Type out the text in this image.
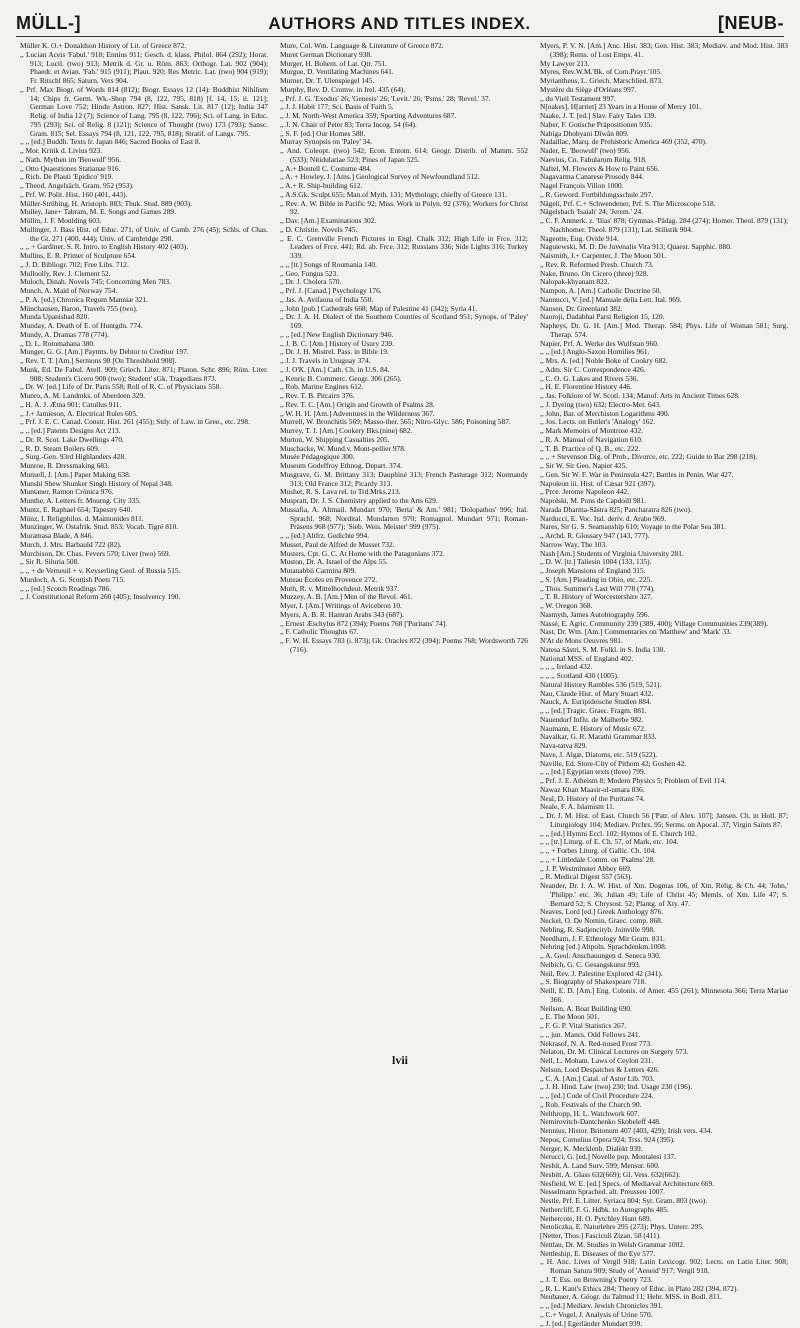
MÜLL-]	AUTHORS AND TITLES INDEX.	[NEUB-

Müller K. O.+ Donaldson History of Lit. of Greece 872.

,, Lucian Aceis 'Fabul.' 918; Ennius 911; Gesch. d. klass. Philol. 864 (292); Horat. 913; Lucil. (two) 913; Metrik d. Gr. u. Röm. 863; Orthogr. Lat. 902 (904); Phaedr. et Avian. 'Fab.' 915 (911); Plaut. 920; Res Metric. Lat. (two) 904 (919); Fr. Ritschl 865; Saturn. Vers 904.

,, Prf. Max Biogr. of Words 814 (812); Biogr. Essays 12 (14): Buddhist Nihilism 14; Chips fr. Germ. Wk.-Shop 794 (8, 122, 795, 818) [f. 14, 15; ii. 121]; German Love 752; Hindu Astron. 827; Hist. Sansk. Lit. 817 (12); India 347 Relig. of India 12 (7); Science of Lang. 795 (8, 122, 796); Sci. of Lang. in Educ. 795 (293); Sci. of Relig. 8 (121); Science of Thought (two) 173 (793); Sansc. Gram. 815; Sel. Essays 794 (8, 121, 122, 795, 818); Stratif. of Langs. 795.

,, ,, [ed.] Buddh. Texts fr. Japan 846; Sacred Books of East 8.

,, Mor. Kritik d. Livius 923.

,, Nath. Mythen im 'Beowulf' 956.

,, Otto Quaestiones Statianae 916.

,, Rich. De Plauti 'Epidico' 919.

,, Theod. Angelsäch. Gram. 952 (953).

,, Prf. W. Polit. Hist. 160 (401, 443).

Müller-Strübing, H. Aristoph. 883; Thuk. Stud. 889 (903).

Mulley, Jane+ Tabram, M. E. Songs and Games 289.

Müllin, J. F. Moulding 603.

Mullinger, J. Bass Hist. of Educ. 271, of Univ. of Camb. 276 (45); Schls. of Chas. the Gt. 271 (400, 444); Univ. of Cambridge 298.

,, ,, + Gardiner, S. R. Intro. to English History 402 (403).

Mullins, E. R. Primer of Sculpture 654.

,, J. D. Bibliogr. 702; Free Libs. 712.

Mulloolly, Rev. J. Clement 52.

Muloch, Dinah. Novels 745; Concerning Men 783.

Munch, A. Maid of Norway 754.

,, P. A. [ed.] Chronica Regum Manniæ 321.

Münchausen, Baron, Travels 755 (two).

Munda Upanishad 820.

Munday, A. Death of E. of Huntgdn. 774.

Mundy, A. Dramas 778 (774).

,, D. L. Rotomahana 380.

Munger, G. G. [Am.] Paymts. by Debtor to Creditor 197.

,, Rev. T. T. [Am.] Sermons 98 [On Threshhold 908].

Munk, Ed. De Fabul. Atell. 909; Griech. Liter. 871; Platon. Schr. 896; Röm. Liter. 908; Student's Cicero 908 (two); Student' sGk. Tragedians 873.

,, Dr. W. [ed.] Life of Dr. Paris 558; Roll of R. C. of Physicians 558.

Munro, A. M. Landmks. of Aberdeen 329.

,, H. A. J. Ætna 901; Catullus 911.

,, J.+ Jamieson, A. Electrical Rules 605.

,, Prf. J. E. C. Canad. Constr. Hist. 261 (455); Stdy. of Law. in Gree., etc. 298.

,, ,, [ed.] Patents Designs Act 213.

,, Dr. R. Scot. Lake Dwellings 470.

,, R. D. Steam Boilers 609.

,, Surg.-Gen. 93rd Highlanders 428.

Munroe, R. Dressmaking 683.

Munsell, J. [Am.] Paper Making 638.

Munshi Shew Shunker Singh History of Nepal 348.

Muntaner, Ramon Crónica 976.

Munthe, A. Letters fr. Mourng. City 335.

Muntz, E. Raphael 654; Tapestry 640.

Münz, I. Religphilos. d. Maimonides 811.

Munzinger, W. Ostafrik. Stud. 853; Vocab. Tigré 810.

Muramasa Blade, A 846.

Murch, J. Mrs. Barbauld 722 (82).

Murchison, Dr. Chas. Fevers 570; Liver (two) 569.

,, Sir R. Siluria 508.

,, ,, + de Verneuil + v. Keyserling Geol. of Russia 515.

Murdoch, A. G. Scottish Poets 715.

,, ,, [ed.] Scotch Readings 786.

,, J. Constitutional Reform 260 (405); Insolvency 190.

Mure, Col. Wm. Language & Literature of Greece 872.

Muret German Dictionary 938.

Murger, H. Bohem. of Lat. Qtr. 751.

Murgue, D. Ventilating Machines 641.

Murner, Dr. T. Ulenspiegel 145.

Murphy, Rev. D. Cromw. in Irel. 435 (64).

,, Prf. J. G. 'Exodus' 26; 'Genesis' 26; 'Levit.' 26; 'Psms.' 28; 'Revel.' 37.

,, J. J. Habit 177; Sci. Basis of Faith 5.

,, J. M. North-West America 359; Sporting Adventures 687.

,, J. N. Chair of Peter 83; Terra Incog. 54 (64).

,, S. F. [ed.] Our Homes 588.

Murray Synopsis on 'Paley' 34.

,, And. Coleopt. (two) 542; Econ. Entom. 614; Geogr. Distrib. of Mamm. 552 (533); Nitidulariae 523; Pines of Japan 525.

,, A.+ Boutell C. Costume 484.

,, A. + Howley, J. [Ams.] Geological Survey of Newfoundland 512.

,, A.+ R. Ship-building 612.

,, A.S.Gk. Sculpt.655; Man.of Myth. 131; Mythology, chiefly of Greece 131.

,, Rev. A. W. Bible in Pacific 92; Miss. Work in Polyn. 92 (376); Workers for Christ 92.

,, Dav. [Am.] Examinations 302.

,, D. Christie. Novels 745.

,, E. C. Grenville French Pictures in Engl. Chalk 312; High Life in Frce. 312; Leaders of Frce. 441; Rd. ab. Frce. 312; Russians 336; Side Lights 316; Turkey 339.

,, ,, [tr.] Songs of Roumania 140.

,, Geo. Fungus 523.

,, Dr. J. Cholera 570.

,, Prf. J. [Canad.] Psychology 176.

,, Jas. A. Avifauna of India 550.

,, John [pub.] Cathedrals 668; Map of Palestine 41 (342); Syria 41.

,, Dr. J. A. H. Dialect of the Southern Counties of Scotland 951; Synops. of 'Paley' 169.

,, ,, [ed.] New English Dictionary 946.

,, J. B. C. [Am.] History of Usury 239.

,, Dr. J. H. Mistrel. Pass. in Bible 19.

,, J. J. Travels in Uruguay 374.

,, J. O'K. [Am.] Cath. Ch. in U.S. 84.

,, Kenric B. Commerc. Geogr. 306 (265).

,, Rob. Marine Engines 612.

,, Rev. T. B. Pitcairn 376.

,, Rev. T. C. [Am.] Origin and Growth of Psalms 28.

,, W. H. H. [Am.] Adventures in the Wilderness 367.

Murrell, W. Bronchitis 569; Masso-ther. 565; Nitro-Glyc. 586; Poisoning 587.

Murrey, T. J. [Am.] Cookery Bks.(nine) 682.

Murton, W. Shipping Casualties 205.

Muschacke, W. Mund.v. Mont-pellier 978.

Musée Pédagogique 300.

Museum Godeffroy Ethnog. Depart. 374.

Musgrave, G. M. Brittany 313; Dauphiné 313; French Pasturage 312; Normandy 313; Old France 312; Picardy 313.

Mushet, R. S. Lava rel. to Trd.Mrks.213.

Muspratt, Dr. J. S. Chemistry applied to the Arts 629.

Mussafia, A. Altmail. Mundart 970; 'Berta' & Am.' 981; 'Dolopathos' 996; Ital. Sprachl. 968; Nordital. Mundarten 970; Romagnol. Mundart 971; Roman-Präsens 968 (977); 'Sieb. Weis. Meister' 999 (975).

,, ,, [ed.] Altfrz. Gedichte 994.

Musset, Paul de Alfred de Musset 732.

Musters, Cpt. G. C. At Home with the Patagonians 372.

Muston, Dr. A. Israel of the Alps 55.

Mutanabbii Carmina 809.

Muteau Écoles en Provence 272.

Muth, R. v. Mittelhochdeut. Metrik 937.

Muzzey, A. B. [Am.] Men of the Revol. 461.

Myer, I. [Am.] Writings of Avicebron 10.

Myers, A. B. R. Hamran Arabs 343 (687).

,, Ernest Æschylus 872 (394); Poems 768 ['Puritans' 74].

,, F. Catholic Thoughts 67.

,, F. W. H. Essays 783 (i. 873); Gk. Oracles 872 (394); Poems 768; Wordsworth 726 (716).

Myers, P. V. N. [Am.] Anc. Hist. 383; Gen. Hist. 383; Mediæv. and Mod. Hist. 383 (398); Rems. of Lost Emps. 41.

My Lawyer 213.

Myres, Rev.W.M.'Bk. of Com.Prayr.'105.

Myriantheus, L. Griech. Marschlied. 873.

Mystère du Siège d'Orléans 997.

,, du Vieil Testament 997.

N[oakes], H[arriet] 23 Years in a House of Mercy 101.

Naake, J. T. [ed.] Slav. Fairy Tales 139.

Naber, F. Gotische Präpositionen 935.

Nabiga Dhobyani Dîwân 809.

Nadaillac, Marq. de Prehistoric America 469 (352, 470).

Nader, E. 'Beowulf' (two) 956.

Naevius, Cn. Fabularum Relig. 918.

Naftel, M. Flowers & How to Paint 656.

Nagavarma Canarese Prosody 844.

Nagel François Villon 1000.

,, R. Geword. Fortbildungsschule 297.

Nägeli, Prf. C.+ Schwendener, Prf. S. The Microscope 518.

Nägelsbach 'Isaiah' 24; 'Jerem.' 24.

,, C. F. Anmerk. z. 'Ilias' 878; Gymnas.-Pädag. 284 (274); Homer. Theol. 879 (131); Nachhomer. Theol. 879 (131); Lat. Stilistik 904.

Nageotte, Eug. Ovide 914.

Naguiewski, M. D. De Juvenalis Vita 913; Quaest. Sapphic. 880.

Naismith, J.+ Carpenter, J. The Moon 501.

,, Rev. R. Reformed Presb. Church 73.

Nake, Bruno. On Cicero (three) 928.

Nalopak-khyanam 822.

Nampon, A. [Am.] Catholic Doctrine 50.

Nannucci, V. [ed.] Manuale della Lett. Ital. 969.

Nansen, Dr. Greenland 382.

Naoroji, Dadabhai Parsi Religion 15, 120.

Napheys, Dr. G. H. [Am.] Med. Therap. 584; Phys. Life of Woman 581; Surg. Therap. 574.

Napier, Prf. A. Werke des Wulfstan 960.

,, ,, [ed.] Anglo-Saxon Homilies 961.

,, Mrs. A. [ed.] Noble Boke of Cookry 682.

,, Adm. Sir C. Correspondence 426.

,, C. O. G. Lakes and Rivers 536.

,, H. E. Florentine History 446.

,, Jas. Folklore of W. Scotl. 134; Manuf. Arts in Ancient Times 628.

,, J. Dyeing (two) 632; Electro-Met. 643.

,, John, Bar. of Merchiston Logarithms 490.

,, Jos. Lects. on Butler's 'Analogy' 162.

,, Mark Memoirs of Montrose 432.

,, R. A. Manual of Navigation 610.

,, T. B. Practice of Q. B., etc. 222.

,, ,, + Stevenson Dig. of Prob., Divorce, etc. 222; Guide to Bar 298 (218).

,, Sir W. Sir Geo. Napier 425.

,, Gen. Sir W. F. War in Peninsula 427; Battles in Penin. War 427.

Napoleon iii. Hist. of Cæsar 921 (397).

,, Prce. Jerome Napoleon 442.

Napolski, M. Pons de Capdoill 981.

Narada Dharma-Sâstra 825; Pancharatra 826 (two).

Narducci, E. Voc. Ital. deriv. d. Arabo 969.

Nares, Sir G. S. Seamanship 610; Voyage to the Polar Sea 381.

,, Archd. R. Glossary 947 (143, 777).

Narrow Way, The 103.

Nash [Am.] Students of Virginia University 281.

,, D. W. [tr.] Taliesin 1004 (133, 135).

,, Joseph Mansions of England 315.

,, S. [Am.] Pleading in Ohio, etc. 225.

,, Thos. Summer's Last Will 778 (774).

,, T. R. History of Worcestershire 327.

,, W. Oregon 368.

Nasmyth, James Autobiography 596.

Nassé, E. Agric. Community 239 (389, 400); Village Communities 239(389).

Nast, Dr. Wm. [Am.] Commentaries on 'Matthew' and 'Mark' 33.

N'At de Mons Oeuvres 981.

Natesa Sâstri, S. M. Folkl. in S. India 130.

National MSS. of England 402.

,, ,, ,, Ireland 432.

,, ,, ,, Scotland 430 (1005).

Natural History Rambles 536 (519, 521).

Nau, Claude Hist. of Mary Stuart 432.

Nauck, A. Euripideische Studien 884.

,, ,, [ed.] Tragic. Graec. Fragm. 881.

Nauendorf Influ. de Malherbe 982.

Naumann, E. History of Music 672.

Navalkar, G. R. Marathi Grammar 833.

Nava-tatva 829.

Nave, J. Algæ, Diatoms, etc. 519 (522).

Naville, Ed. Store-City of Pithom 42; Goshen 42.

,, ,, [ed.] Egyptian texts (three) 799.

,, Prf. J. E. Atheism 8; Modern Physics 5; Problem of Evil 114.

Nawaz Khan Maasir-ul-umara 836.

Neal, D. History of the Puritans 74.

Neale, F. A. Islamism 11.

,, Dr. J. M. Hist. of East. Church 56 ['Patr. of Alex. 107]; Jansen. Ch. in Holl. 87; Liturgiology 104; Mediæv. Prchrs. 95; Serms. on Apocal. 37; Virgin Saints 87.

,, ,, [ed.] Hymni Eccl. 102; Hymns of E. Church 102.

,, ,, [tr.] Liturg. of E. Ch. 57, of Mark, etc. 104.

,, ,, + Forbes Liturg. of Gallic. Ch. 104.

,, ,, + Littledale Comm. on 'Psalms' 28.

,, J. P. Westminster Abbey 669.

,, R. Medical Digest 557 (563).

Neander, Dr. J. A. W. Hist. of Xtn. Dogmas 106, of Xtn. Relig. & Ch. 44; 'John,' 'Philipp.' etc. 36; Julian 49; Life of Christ 45; Memls. of Xtn. Life 47; S. Bernard 52; S. Chrysost. 52; Plantg. of Xty. 47.

Neaves, Lord [ed.] Greek Anthology 876.

Neckel, O. De Nomin. Graec. comp. 868.

Nebling, R. Sadjencityb. Joinville 998.

Needham, J. F. Ethnology Mir Gram. 831.

Nehring [ed.] Altpoln. Sprachdenkm.1008.

,, A. Geol. Anschauungen d. Seneca 930.

Neibich, G. C. Gesangskunst 993.

Neil, Rev. J. Palestine Explored 42 (341).

,, S. Biography of Shakespeare 718.

Neill, E. D. [Am.] Eng. Colonis. of Amer. 455 (261); Minnesota 366; Terra Mariae 366.

Neilson, A. Boat Building 690.

,, E. The Moon 501.

,, F. G. P. Vital Statistics 267.

,, ,, jun. Mancs. Odd Fellows 241.

Nekrasof, N. A. Red-nosed Frost 773.

Nelaton, Dr. M. Clinical Lectures on Surgery 573.

Nell, L. Moham. Laws of Ceylon 231.

Nelson, Lord Despatches & Letters 426.

,, C. A. [Am.] Catal. of Astor Lib. 703.

,, J. H. Hind. Law (two) 230; Ind. Usage 230 (196).

,, ,, [ed.] Code of Civil Procedure 224.

,, Rob. Festivals of the Church 90.

Nelthropp, H. L. Watchwork 607.

Nemirovitch-Dantchenko Skobeleff 448.

Nennius, Histor. Britonum 407 (403, 429); Irish vers. 434.

Nepos, Cornelius Opera 924; Trss. 924 (395).

Nerger, K. Mecklenb. Dialekt 939.

Nerucci, G. [ed.] Novelle pop. Montalesi 137.

Nesbit, A. Land Surv. 599; Mensur. 600.

Nesbitt, A. Glass 632(669); Gl. Vess. 632(662).

Nesfield, W. E. [ed.] Specs. of Mediæval Architecture 669.

Nesselmann Sprached. alt. Preussen 1007.

Nestle, Prf. E. Litter. Syriaca 804; Syr. Gram. 803 (two).

Nethercliff, F. G. Hdbk. to Autographs 485.

Nethercote, H. O. Pytchley Hunt 689.

Netoliczka, E. Naturlehre 295 (273); Phys. Unterr. 295.

[Netter, Thos.] Fasciculi Zizan. 58 (411).

Nettlau, Dr. M. Studies in Welsh Grammar 1002.

Nettleship, E. Diseases of the Eye 577.

,, H. Anc. Lives of Vergil 918; Latin Lexicogr. 902; Lects. on Latin Liter. 908; Roman Satura 909; Study of 'Aeneid' 917; Vergil 918.

,, J. T. Ess. on Browning's Poetry 723.

,, R. L. Kant's Ethics 284; Theory of Educ. in Plato 282 (394, 872).

Neubauer, A. Géogr. du Talmud 11; Hebr. MSS. in Bodl. 811.

,, ,, [ed.] Mediæv. Jewish Chronicles 391.

,, C.+ Vogel, J. Analysis of Urine 570.

,, J. [ed.] Egerländer Mundart 939.

lvii
